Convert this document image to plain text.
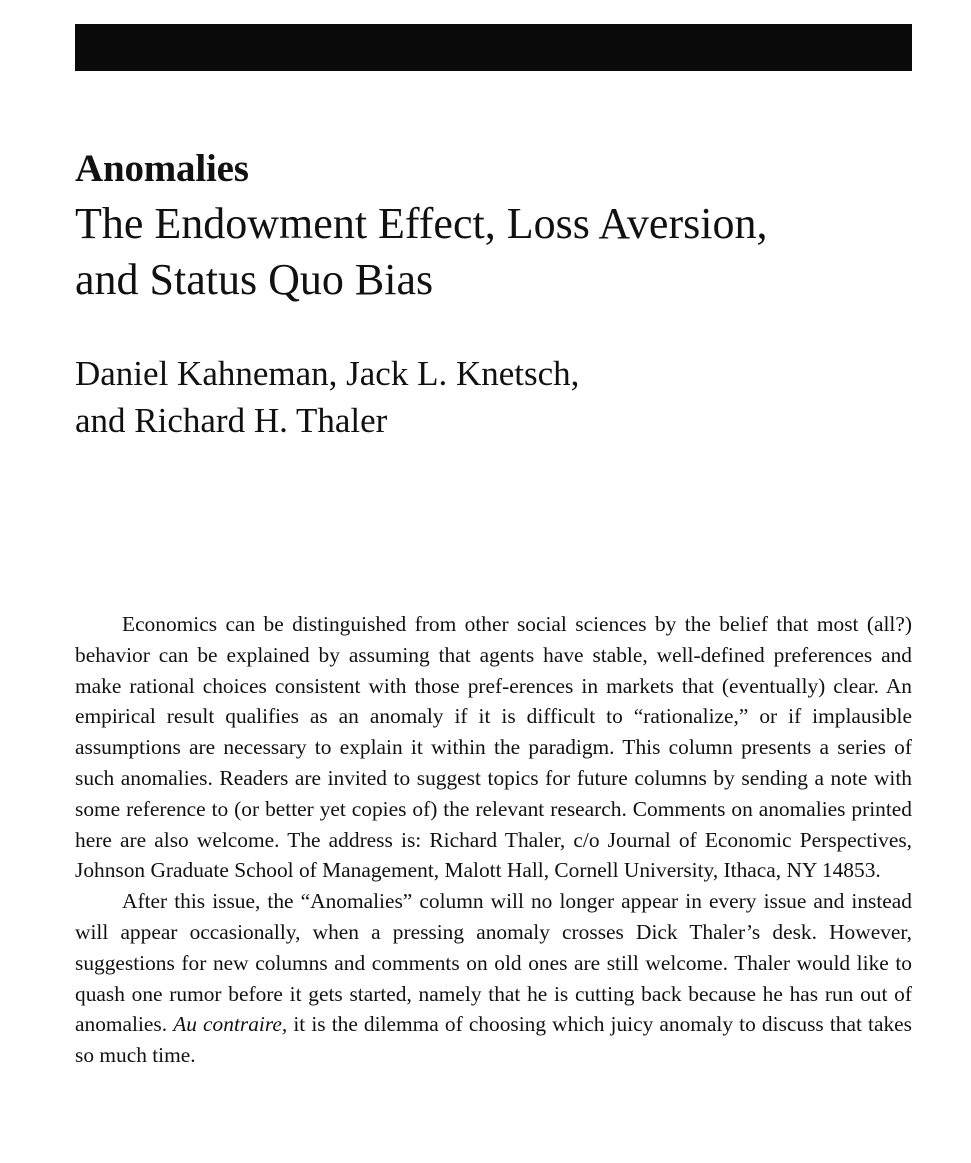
Anomalies
The Endowment Effect, Loss Aversion,
and Status Quo Bias
Daniel Kahneman, Jack L. Knetsch,
and Richard H. Thaler

Economics can be distinguished from other social sciences by the belief that most (all?) behavior can be explained by assuming that agents have stable, well-defined preferences and make rational choices consistent with those pref-erences in markets that (eventually) clear. An empirical result qualifies as an anomaly if it is difficult to “rationalize,” or if implausible assumptions are necessary to explain it within the paradigm. This column presents a series of such anomalies. Readers are invited to suggest topics for future columns by sending a note with some reference to (or better yet copies of) the relevant research. Comments on anomalies printed here are also welcome. The address is: Richard Thaler, c/o Journal of Economic Perspectives, Johnson Graduate School of Management, Malott Hall, Cornell University, Ithaca, NY 14853.

After this issue, the “Anomalies” column will no longer appear in every issue and instead will appear occasionally, when a pressing anomaly crosses Dick Thaler’s desk. However, suggestions for new columns and comments on old ones are still welcome. Thaler would like to quash one rumor before it gets started, namely that he is cutting back because he has run out of anomalies. Au contraire, it is the dilemma of choosing which juicy anomaly to discuss that takes so much time.
